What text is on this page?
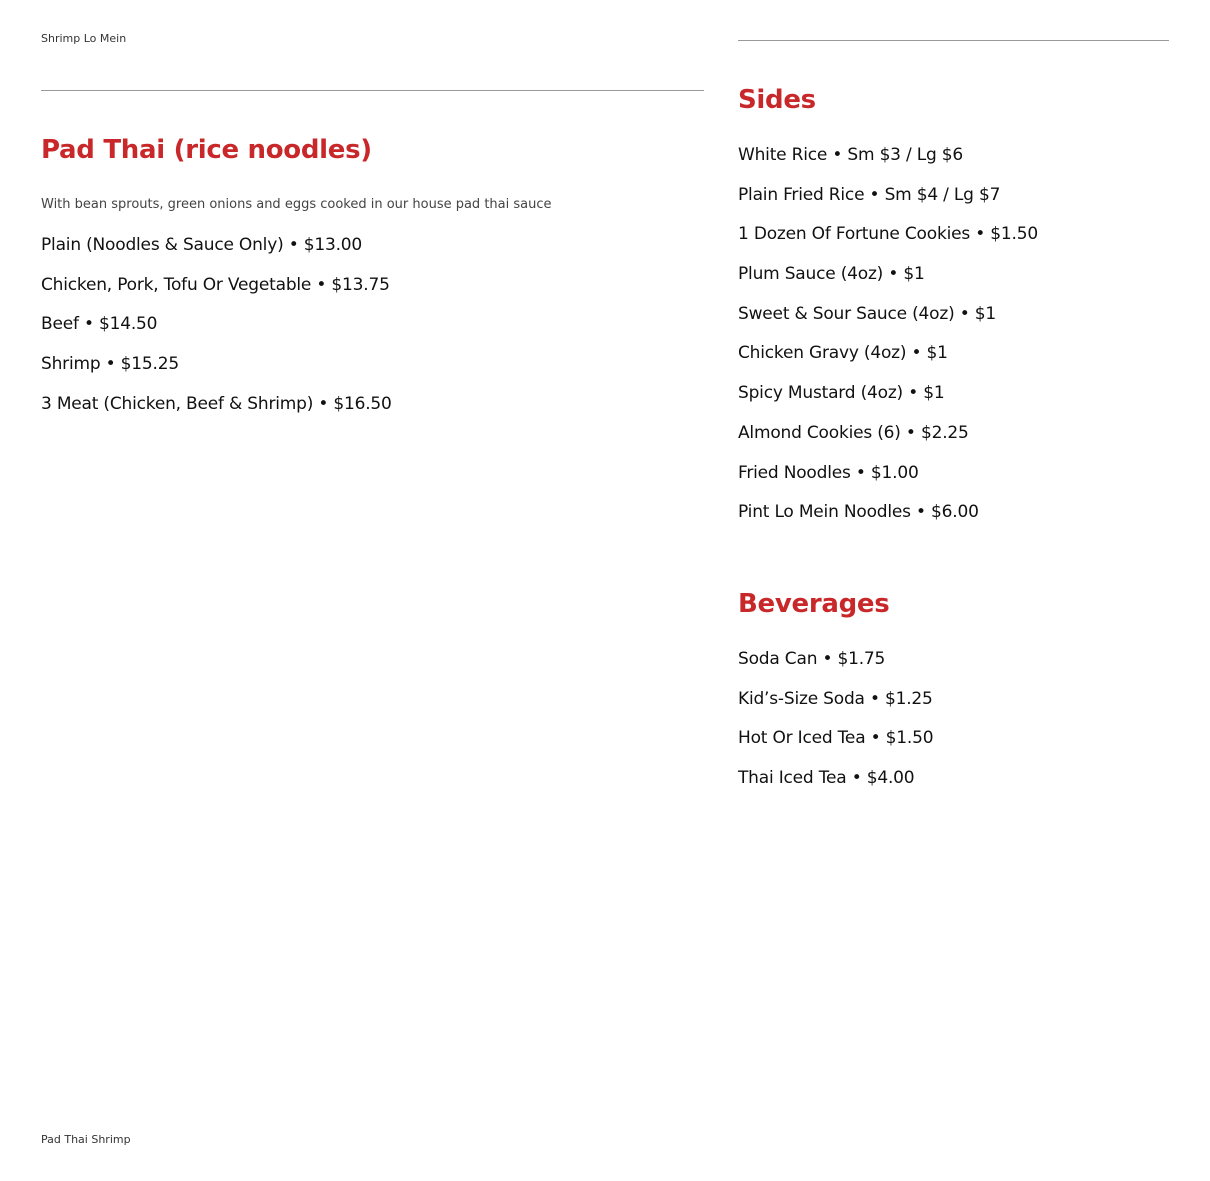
Shrimp Lo Mein
Pad Thai (rice noodles)
With bean sprouts, green onions and eggs cooked in our house pad thai sauce
Plain (Noodles & Sauce Only) • $13.00
Chicken, Pork, Tofu Or Vegetable • $13.75
Beef • $14.50
Shrimp • $15.25
3 Meat (Chicken, Beef & Shrimp) • $16.50
Pad Thai Shrimp
Sides
White Rice • Sm $3 / Lg $6
Plain Fried Rice • Sm $4 / Lg $7
1 Dozen Of Fortune Cookies • $1.50
Plum Sauce (4oz) • $1
Sweet & Sour Sauce (4oz) • $1
Chicken Gravy (4oz) • $1
Spicy Mustard (4oz) • $1
Almond Cookies (6) • $2.25
Fried Noodles • $1.00
Pint Lo Mein Noodles • $6.00
Beverages
Soda Can • $1.75
Kid’s-Size Soda • $1.25
Hot Or Iced Tea • $1.50
Thai Iced Tea • $4.00
